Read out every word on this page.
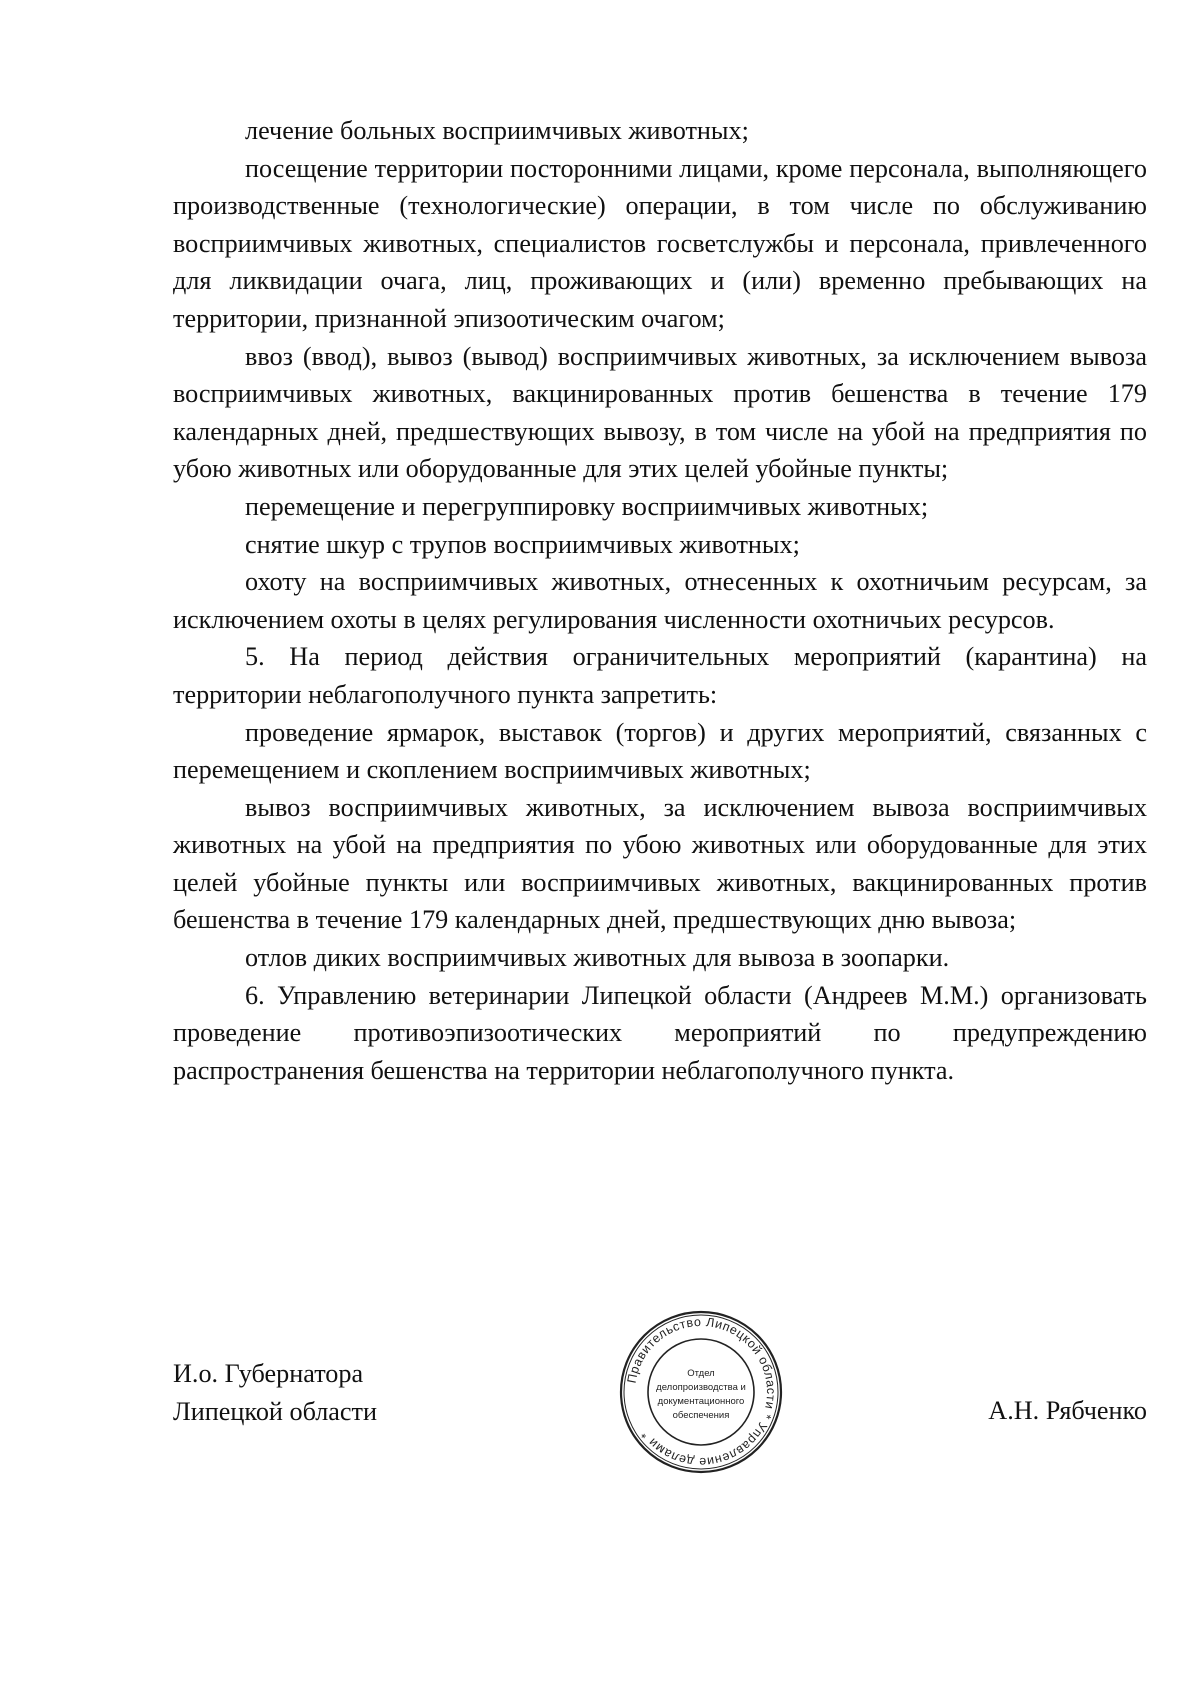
лечение больных восприимчивых животных;

посещение территории посторонними лицами, кроме персонала, выполняющего производственные (технологические) операции, в том числе по обслуживанию восприимчивых животных, специалистов госветслужбы и персонала, привлеченного для ликвидации очага, лиц, проживающих и (или) временно пребывающих на территории, признанной эпизоотическим очагом;

ввоз (ввод), вывоз (вывод) восприимчивых животных, за исключением вывоза восприимчивых животных, вакцинированных против бешенства в течение 179 календарных дней, предшествующих вывозу, в том числе на убой на предприятия по убою животных или оборудованные для этих целей убойные пункты;

перемещение и перегруппировку восприимчивых животных;

снятие шкур с трупов восприимчивых животных;

охоту на восприимчивых животных, отнесенных к охотничьим ресурсам, за исключением охоты в целях регулирования численности охотничьих ресурсов.

5. На период действия ограничительных мероприятий (карантина) на территории неблагополучного пункта запретить:

проведение ярмарок, выставок (торгов) и других мероприятий, связанных с перемещением и скоплением восприимчивых животных;

вывоз восприимчивых животных, за исключением вывоза восприимчивых животных на убой на предприятия по убою животных или оборудованные для этих целей убойные пункты или восприимчивых животных, вакцинированных против бешенства в течение 179 календарных дней, предшествующих дню вывоза;

отлов диких восприимчивых животных для вывоза в зоопарки.

6. Управлению ветеринарии Липецкой области (Андреев М.М.) организовать проведение противоэпизоотических мероприятий по предупреждению распространения бешенства на территории неблагополучного пункта.

И.о. Губернатора
Липецкой области
Правительство Липецкой области * Управление делами *
Отдел
делопроизводства и
документационного
обеспечения	А.Н. Рябченко
